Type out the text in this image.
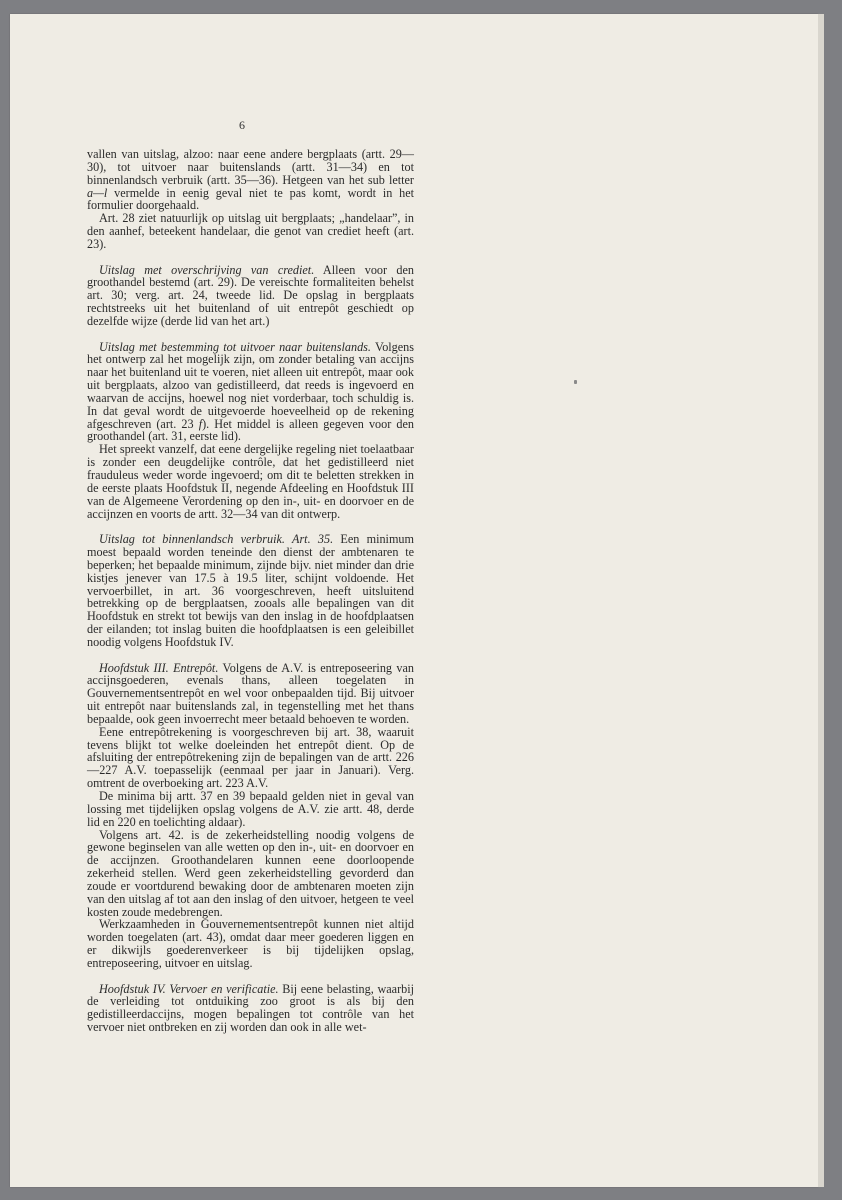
6

vallen van uitslag, alzoo: naar eene andere bergplaats (artt. 29—30), tot uitvoer naar buitenslands (artt. 31—34) en tot binnenlandsch verbruik (artt. 35—36). Hetgeen van het sub letter a—l vermelde in eenig geval niet te pas komt, wordt in het formulier doorgehaald.

Art. 28 ziet natuurlijk op uitslag uit bergplaats; „handelaar”, in den aanhef, beteekent handelaar, die genot van crediet heeft (art. 23).

Uitslag met overschrijving van crediet. Alleen voor den groothandel bestemd (art. 29). De vereischte formaliteiten behelst art. 30; verg. art. 24, tweede lid. De opslag in bergplaats rechtstreeks uit het buitenland of uit entrepôt geschiedt op dezelfde wijze (derde lid van het art.)

Uitslag met bestemming tot uitvoer naar buitenslands. Volgens het ontwerp zal het mogelijk zijn, om zonder betaling van accijns naar het buitenland uit te voeren, niet alleen uit entrepôt, maar ook uit bergplaats, alzoo van gedistilleerd, dat reeds is ingevoerd en waarvan de accijns, hoewel nog niet vorderbaar, toch schuldig is. In dat geval wordt de uitgevoerde hoeveelheid op de rekening afgeschreven (art. 23 f). Het middel is alleen gegeven voor den groothandel (art. 31, eerste lid).

Het spreekt vanzelf, dat eene dergelijke regeling niet toelaatbaar is zonder een deugdelijke contrôle, dat het gedistilleerd niet frauduleus weder worde ingevoerd; om dit te beletten strekken in de eerste plaats Hoofdstuk II, negende Afdeeling en Hoofdstuk III van de Algemeene Verordening op den in-, uit- en doorvoer en de accijnzen en voorts de artt. 32—34 van dit ontwerp.

Uitslag tot binnenlandsch verbruik. Art. 35. Een minimum moest bepaald worden teneinde den dienst der ambtenaren te beperken; het bepaalde minimum, zijnde bijv. niet minder dan drie kistjes jenever van 17.5 à 19.5 liter, schijnt voldoende. Het vervoerbillet, in art. 36 voorgeschreven, heeft uitsluitend betrekking op de bergplaatsen, zooals alle bepalingen van dit Hoofdstuk en strekt tot bewijs van den inslag in de hoofdplaatsen der eilanden; tot inslag buiten die hoofdplaatsen is een geleibillet noodig volgens Hoofdstuk IV.

Hoofdstuk III. Entrepôt. Volgens de A.V. is entreposeering van accijnsgoederen, evenals thans, alleen toegelaten in Gouvernementsentrepôt en wel voor onbepaalden tijd. Bij uitvoer uit entrepôt naar buitenslands zal, in tegenstelling met het thans bepaalde, ook geen invoerrecht meer betaald behoeven te worden.

Eene entrepôtrekening is voorgeschreven bij art. 38, waaruit tevens blijkt tot welke doeleinden het entrepôt dient. Op de afsluiting der entrepôtrekening zijn de bepalingen van de artt. 226—227 A.V. toepasselijk (eenmaal per jaar in Januari). Verg. omtrent de overboeking art. 223 A.V.

De minima bij artt. 37 en 39 bepaald gelden niet in geval van lossing met tijdelijken opslag volgens de A.V. zie artt. 48, derde lid en 220 en toelichting aldaar).

Volgens art. 42. is de zekerheidstelling noodig volgens de gewone beginselen van alle wetten op den in-, uit- en doorvoer en de accijnzen. Groothandelaren kunnen eene doorloopende zekerheid stellen. Werd geen zekerheidstelling gevorderd dan zoude er voortdurend bewaking door de ambtenaren moeten zijn van den uitslag af tot aan den inslag of den uitvoer, hetgeen te veel kosten zoude medebrengen.

Werkzaamheden in Gouvernementsentrepôt kunnen niet altijd worden toegelaten (art. 43), omdat daar meer goederen liggen en er dikwijls goederenverkeer is bij tijdelijken opslag, entreposeering, uitvoer en uitslag.

Hoofdstuk IV. Vervoer en verificatie. Bij eene belasting, waarbij de verleiding tot ontduiking zoo groot is als bij den gedistilleerdaccijns, mogen bepalingen tot contrôle van het vervoer niet ontbreken en zij worden dan ook in alle wet-
